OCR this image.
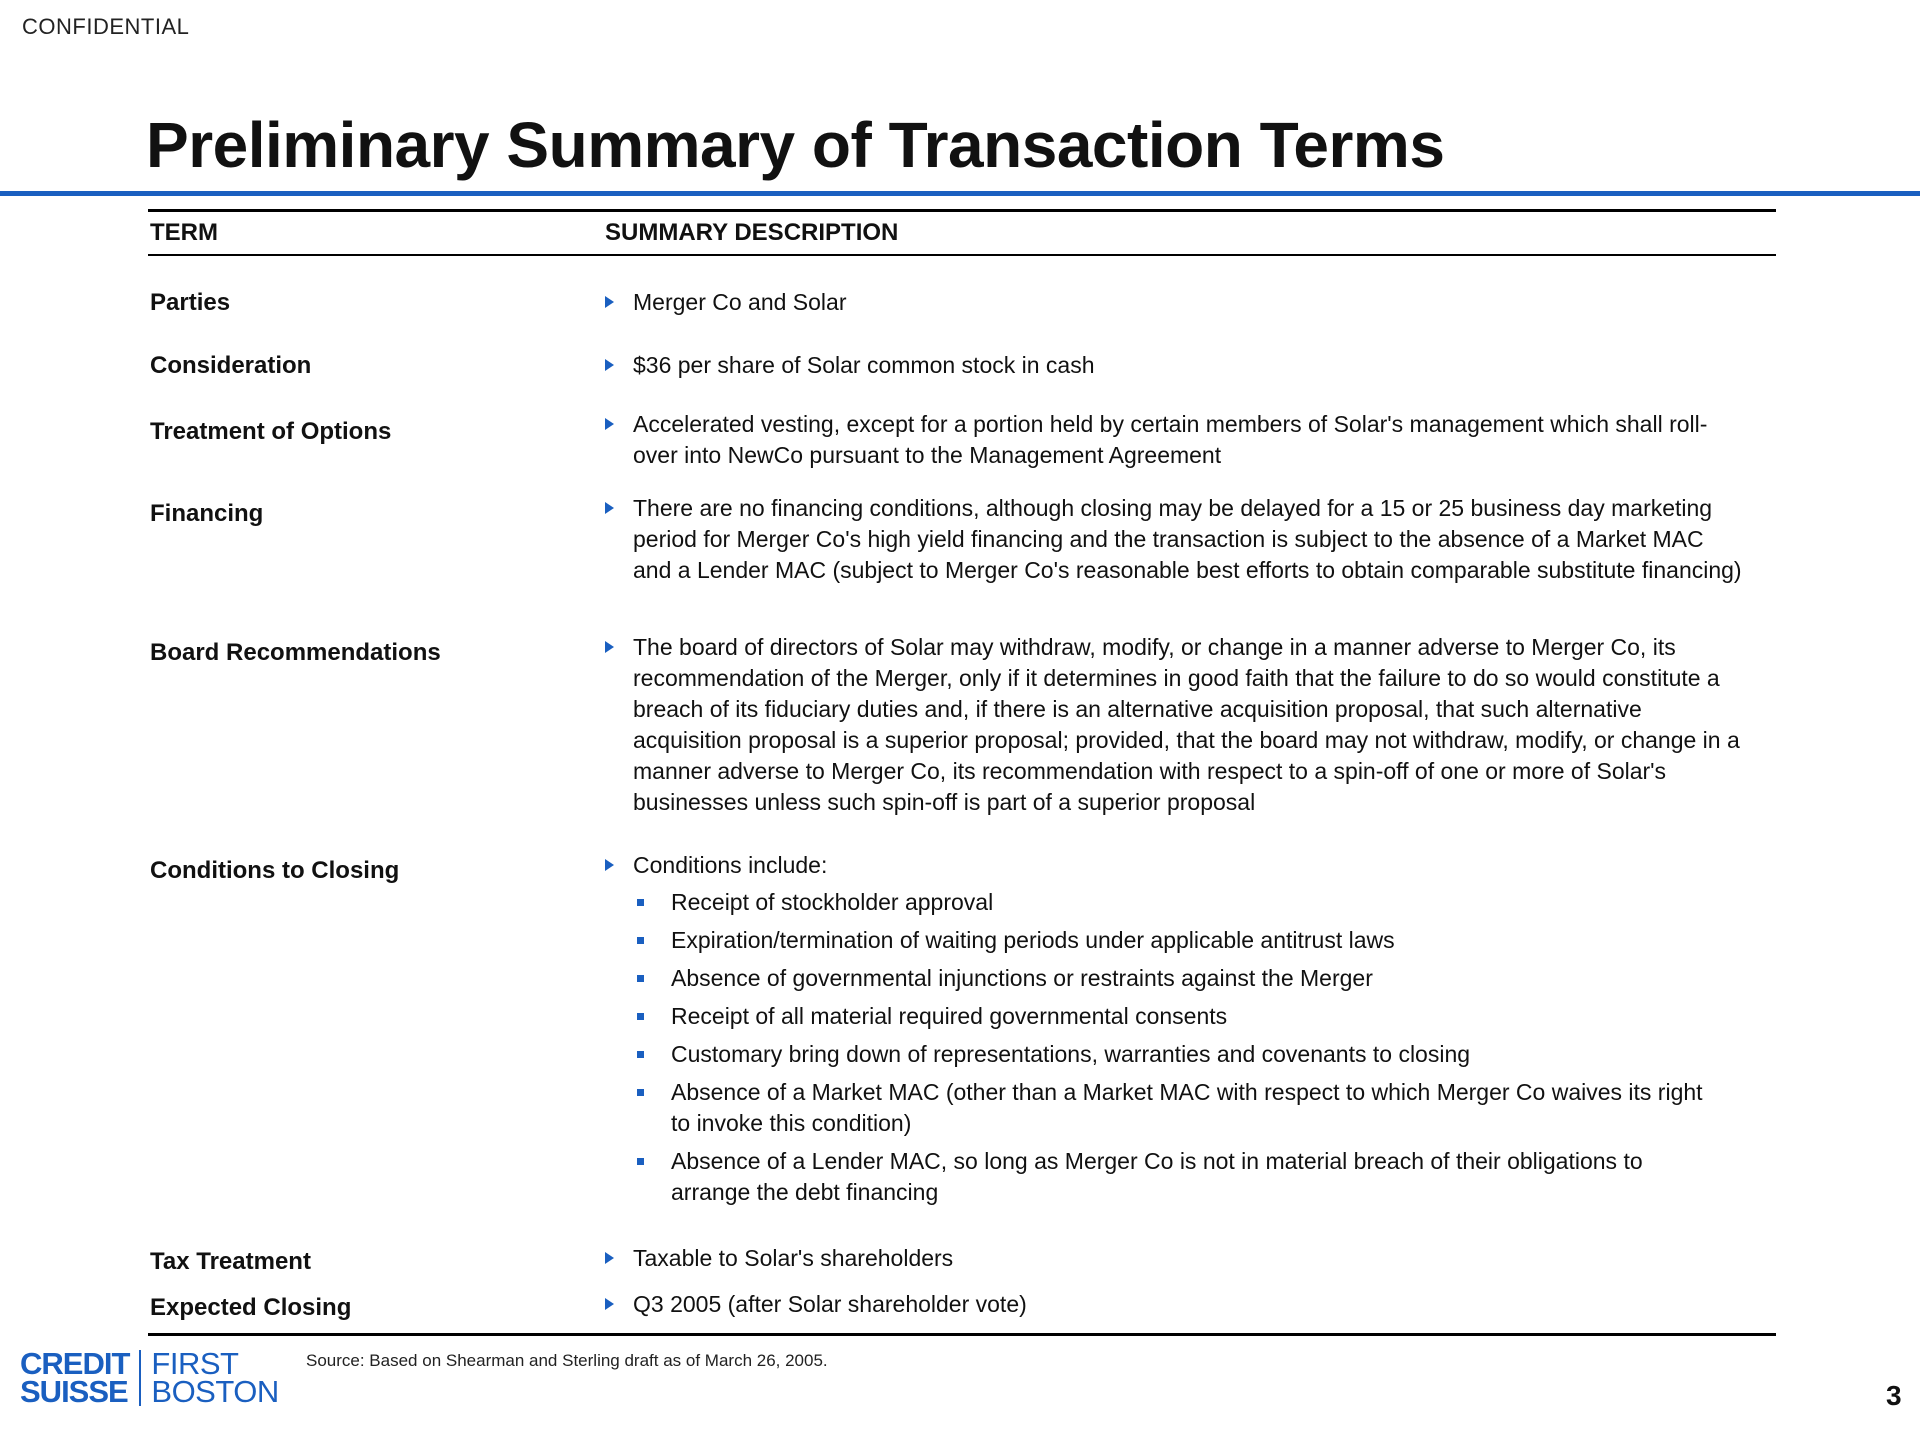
CONFIDENTIAL
Preliminary Summary of Transaction Terms
TERM	SUMMARY DESCRIPTION
Parties	Merger Co and Solar
Consideration	$36 per share of Solar common stock in cash
Treatment of Options	Accelerated vesting, except for a portion held by certain members of Solar's management which shall roll-over into NewCo pursuant to the Management Agreement
Financing	There are no financing conditions, although closing may be delayed for a 15 or 25 business day marketing period for Merger Co's high yield financing and the transaction is subject to the absence of a Market MAC and a Lender MAC (subject to Merger Co's reasonable best efforts to obtain comparable substitute financing)
Board Recommendations	The board of directors of Solar may withdraw, modify, or change in a manner adverse to Merger Co, its recommendation of the Merger, only if it determines in good faith that the failure to do so would constitute a breach of its fiduciary duties and, if there is an alternative acquisition proposal, that such alternative acquisition proposal is a superior proposal; provided, that the board may not withdraw, modify, or change in a manner adverse to Merger Co, its recommendation with respect to a spin-off of one or more of Solar's businesses unless such spin-off is part of a superior proposal
Conditions to Closing	Conditions include:
Receipt of stockholder approval
Expiration/termination of waiting periods under applicable antitrust laws
Absence of governmental injunctions or restraints against the Merger
Receipt of all material required governmental consents
Customary bring down of representations, warranties and covenants to closing
Absence of a Market MAC (other than a Market MAC with respect to which Merger Co waives its right to invoke this condition)
Absence of a Lender MAC, so long as Merger Co is not in material breach of their obligations to arrange the debt financing
Tax Treatment	Taxable to Solar's shareholders
Expected Closing	Q3 2005 (after Solar shareholder vote)
CREDIT
SUISSE
FIRST
BOSTON
Source: Based on Shearman and Sterling draft as of March 26, 2005.
3
